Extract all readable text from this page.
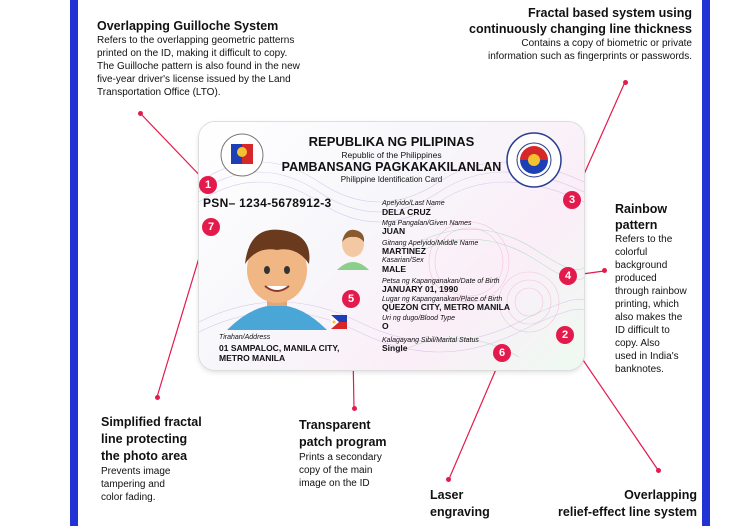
Overlapping Guilloche System

Refers to the overlapping geometric patterns

printed on the ID, making it difficult to copy.

The Guilloche pattern is also found in the new

five-year driver's license issued by the Land

Transportation Office (LTO).

Fractal based system using

continuously changing line thickness

Contains a copy of biometric or private

information such as fingerprints or passwords.

Rainbow

pattern

Refers to the

colorful

background

produced

through rainbow

printing, which

also makes the

ID difficult to

copy. Also

used in India's

banknotes.

Simplified fractal

line protecting

the photo area

Prevents image

tampering and

color fading.

Transparent

patch program

Prints a secondary

copy of the main

image on the ID

Laser

engraving

Overlapping

relief-effect line system

REPUBLIKA NG PILIPINAS
Republic of the Philippines
PAMBANSANG PAGKAKAKILANLAN
Philippine Identification Card
PSN– 1234-5678912-3	Apelyido/Last Name
DELA CRUZ
Mga Pangalan/Given Names
JUAN
Gitnang Apelyido/Middle Name
MARTINEZ
Kasarian/Sex
MALE
Petsa ng Kapanganakan/Date of Birth
JANUARY 01, 1990
Lugar ng Kapanganakan/Place of Birth
QUEZON CITY, METRO MANILA
Uri ng dugo/Blood Type
O
Kalagayang Sibil/Marital Status
Single
Tirahan/Address
01 SAMPALOC, MANILA CITY,
METRO MANILA
1
2
3
4
5
6
7
